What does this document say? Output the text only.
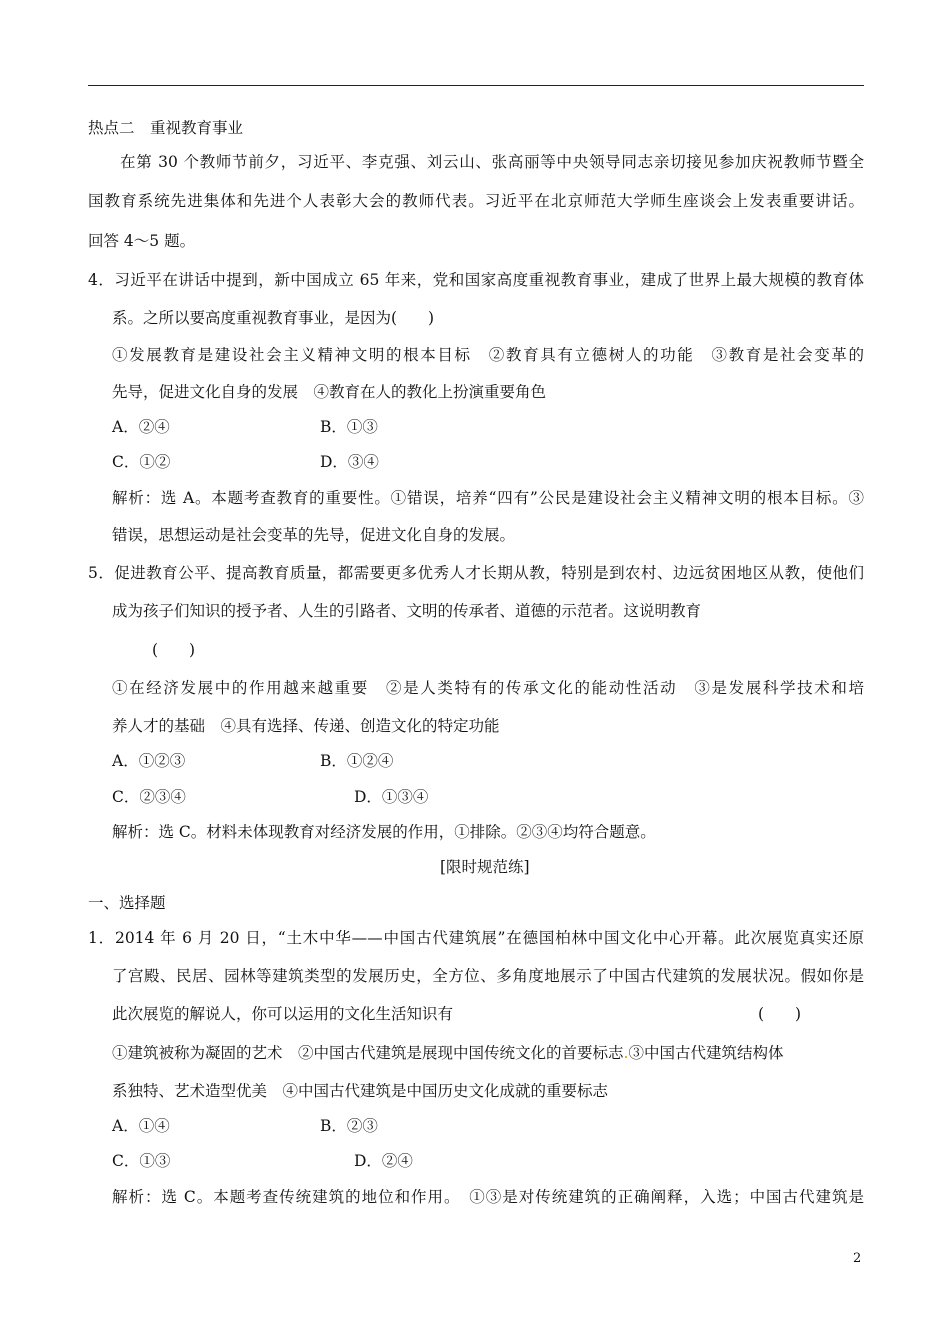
热点二　重视教育事业
在第 30 个教师节前夕，习近平、李克强、刘云山、张高丽等中央领导同志亲切接见参加庆祝教师节暨全
国教育系统先进集体和先进个人表彰大会的教师代表。习近平在北京师范大学师生座谈会上发表重要讲话。
回答 4～5 题。
4．习近平在讲话中提到，新中国成立 65 年来，党和国家高度重视教育事业，建成了世界上最大规模的教育体
系。之所以要高度重视教育事业，是因为(　　)
①发展教育是建设社会主义精神文明的根本目标　②教育具有立德树人的功能　③教育是社会变革的
先导，促进文化自身的发展　④教育在人的教化上扮演重要角色
A．②④	B．①③
C．①②	D．③④
解析：选 A。本题考查教育的重要性。①错误，培养“四有”公民是建设社会主义精神文明的根本目标。③
错误，思想运动是社会变革的先导，促进文化自身的发展。
5．促进教育公平、提高教育质量，都需要更多优秀人才长期从教，特别是到农村、边远贫困地区从教，使他们
成为孩子们知识的授予者、人生的引路者、文明的传承者、道德的示范者。这说明教育
(　　)
①在经济发展中的作用越来越重要　②是人类特有的传承文化的能动性活动　③是发展科学技术和培
养人才的基础　④具有选择、传递、创造文化的特定功能
A．①②③	B．①②④
C．②③④	D．①③④
解析：选 C。材料未体现教育对经济发展的作用，①排除。②③④均符合题意。
[限时规范练]
一、选择题
1．2014 年 6 月 20 日，“土木中华——中国古代建筑展”在德国柏林中国文化中心开幕。此次展览真实还原
了宫殿、民居、园林等建筑类型的发展历史，全方位、多角度地展示了中国古代建筑的发展状况。假如你是
此次展览的解说人，你可以运用的文化生活知识有	(　　)
①建筑被称为凝固的艺术　②中国古代建筑是展现中国传统文化的首要标志.③中国古代建筑结构体
系独特、艺术造型优美　④中国古代建筑是中国历史文化成就的重要标志
A．①④	B．②③
C．①③	D．②④
解析：选 C。本题考查传统建筑的地位和作用。　①③是对传统建筑的正确阐释，入选；中国古代建筑是
2
